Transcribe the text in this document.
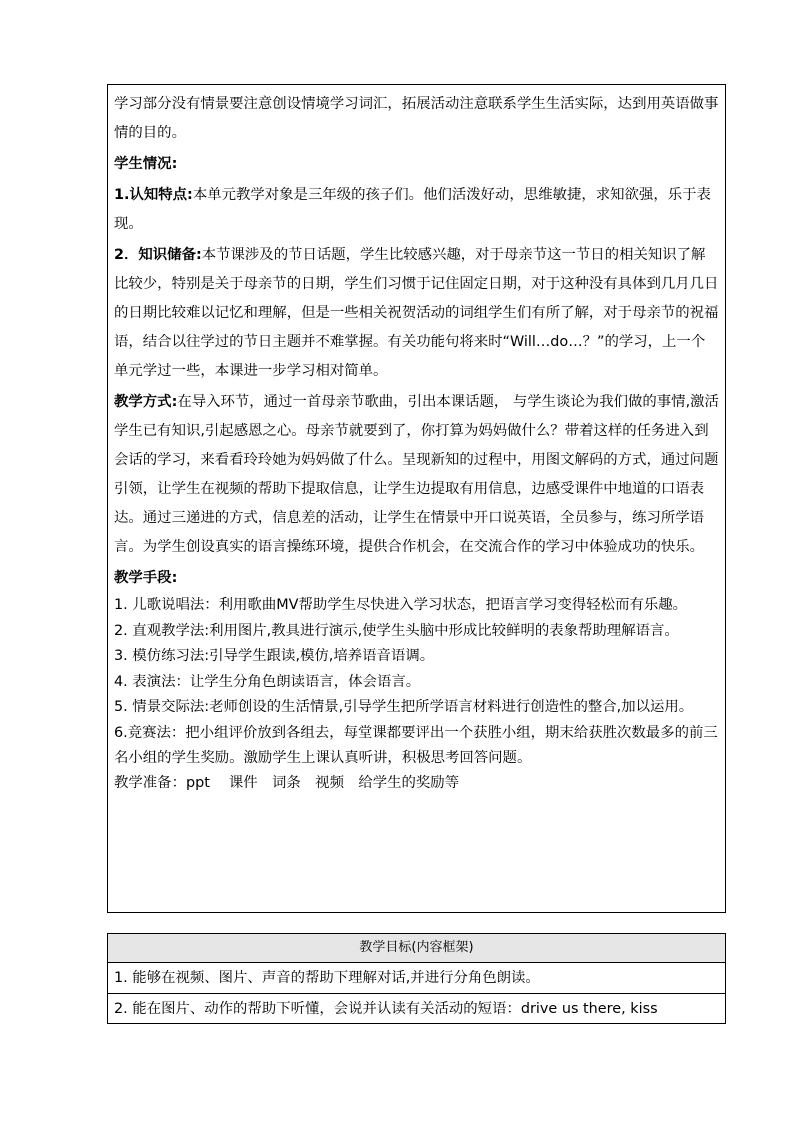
学习部分没有情景要注意创设情境学习词汇，拓展活动注意联系学生生活实际，达到用英语做事情的目的。

学生情况:

1.认知特点:本单元教学对象是三年级的孩子们。他们活泼好动，思维敏捷，求知欲强，乐于表现。

2．知识储备:本节课涉及的节日话题，学生比较感兴趣，对于母亲节这一节日的相关知识了解比较少，特别是关于母亲节的日期，学生们习惯于记住固定日期，对于这种没有具体到几月几日的日期比较难以记忆和理解，但是一些相关祝贺活动的词组学生们有所了解，对于母亲节的祝福语，结合以往学过的节日主题并不难掌握。有关功能句将来时“Will…do…？”的学习，上一个单元学过一些，本课进一步学习相对简单。

教学方式:在导入环节，通过一首母亲节歌曲，引出本课话题， 与学生谈论为我们做的事情,激活学生已有知识,引起感恩之心。母亲节就要到了，你打算为妈妈做什么？带着这样的任务进入到会话的学习，来看看玲玲她为妈妈做了什么。呈现新知的过程中，用图文解码的方式，通过问题引领，让学生在视频的帮助下提取信息，让学生边提取有用信息，边感受课件中地道的口语表达。通过三递进的方式，信息差的活动，让学生在情景中开口说英语，全员参与，练习所学语言。为学生创设真实的语言操练环境，提供合作机会，在交流合作的学习中体验成功的快乐。

教学手段:

1. 儿歌说唱法：利用歌曲MV帮助学生尽快进入学习状态，把语言学习变得轻松而有乐趣。

2. 直观教学法:利用图片,教具进行演示,使学生头脑中形成比较鲜明的表象帮助理解语言。

3. 模仿练习法:引导学生跟读,模仿,培养语音语调。

4. 表演法：让学生分角色朗读语言，体会语言。

5. 情景交际法:老师创设的生活情景,引导学生把所学语言材料进行创造性的整合,加以运用。

6.竞赛法：把小组评价放到各组去，每堂课都要评出一个获胜小组，期末给获胜次数最多的前三名小组的学生奖励。激励学生上课认真听讲，积极思考回答问题。

教学准备：ppt　 课件　词条　视频　给学生的奖励等

教学目标(内容框架)
1. 能够在视频、图片、声音的帮助下理解对话,并进行分角色朗读。
2. 能在图片、动作的帮助下听懂，会说并认读有关活动的短语：drive us there, kiss
